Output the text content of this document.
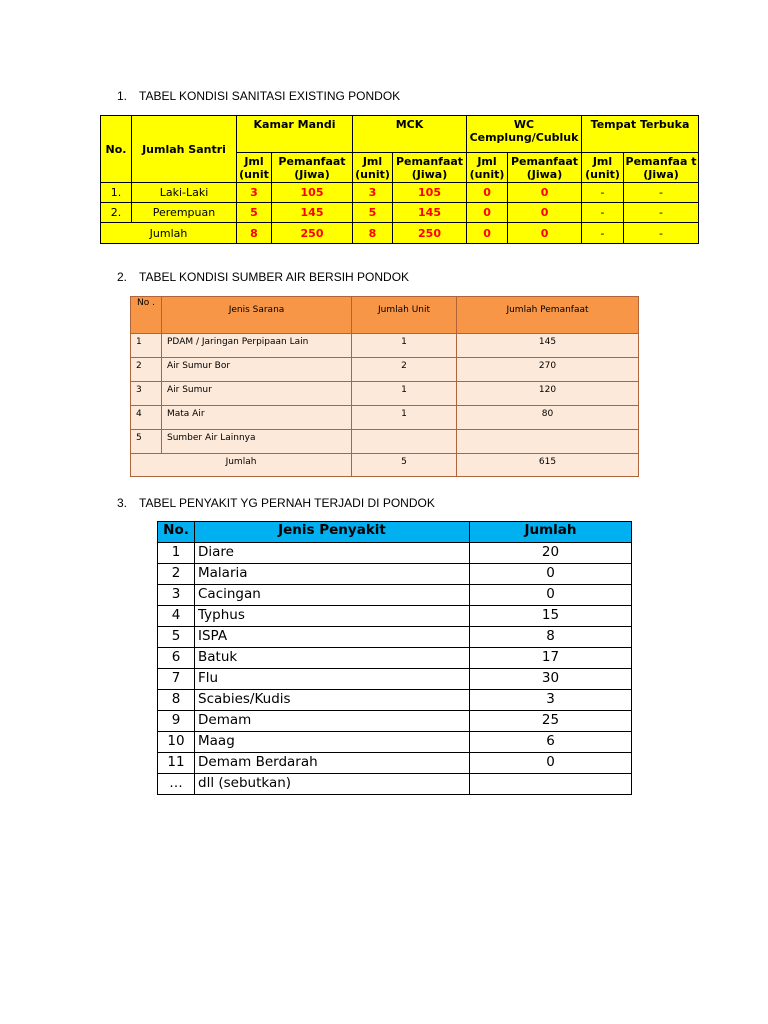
1. TABEL KONDISI SANITASI EXISTING PONDOK
No.	Jumlah Santri	Kamar Mandi		MCK		WC Cemplung/Cubluk		Tempat Terbuka	
		Jml (unit	Pemanfaat (Jiwa)	Jml (unit)	Pemanfaat (Jiwa)	Jml (unit)	Pemanfaat (Jiwa)	Jml (unit)	Pemanfaa t (Jiwa)
1.	Laki-Laki	3	105	3	105	0	0	-	-
2.	Perempuan	5	145	5	145	0	0	-	-
Jumlah		8	250	8	250	0	0	-	-
2. TABEL KONDISI SUMBER AIR BERSIH PONDOK
No .	Jenis Sarana	Jumlah Unit	Jumlah Pemanfaat
1	PDAM / Jaringan Perpipaan Lain	1	145
2	Air Sumur Bor	2	270
3	Air Sumur	1	120
4	Mata Air	1	80
5	Sumber Air Lainnya		
Jumlah		5	615
3. TABEL PENYAKIT YG PERNAH TERJADI DI PONDOK
No.	Jenis Penyakit	Jumlah
1	Diare	20
2	Malaria	0
3	Cacingan	0
4	Typhus	15
5	ISPA	8
6	Batuk	17
7	Flu	30
8	Scabies/Kudis	3
9	Demam	25
10	Maag	6
11	Demam Berdarah	0
…	dll (sebutkan)	
